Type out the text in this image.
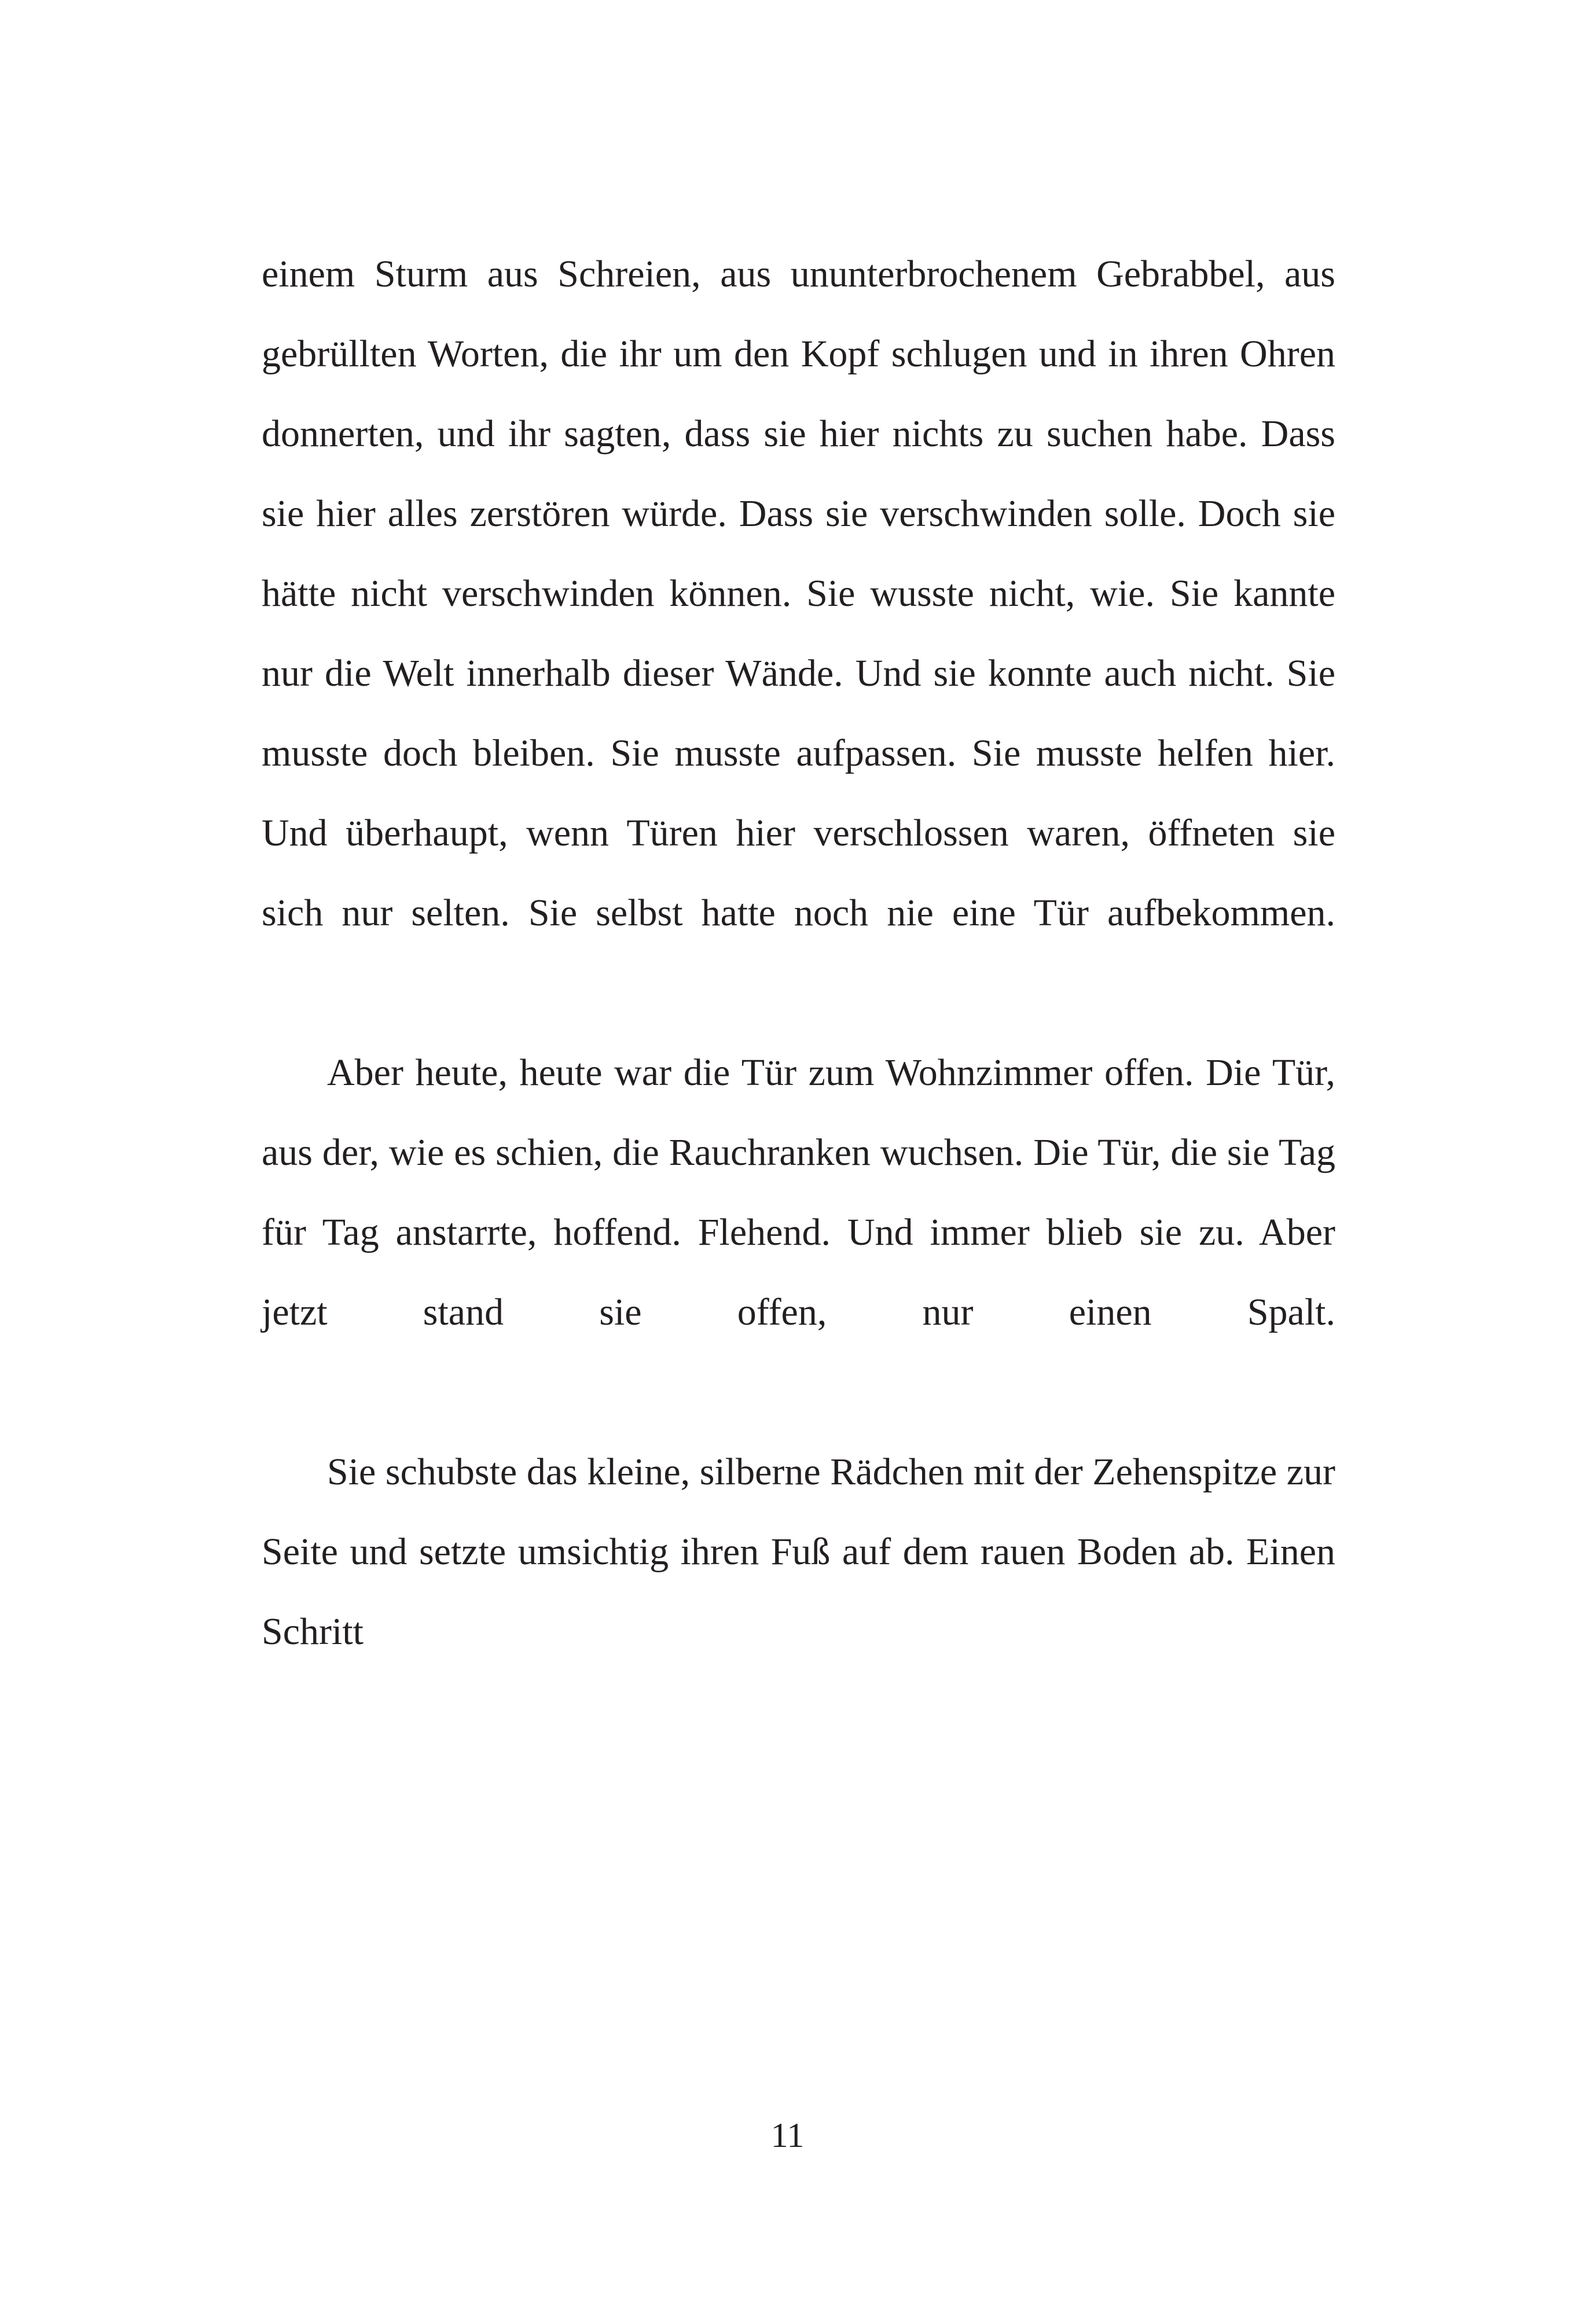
einem Sturm aus Schreien, aus ununterbrochenem Gebrabbel, aus gebrüllten Worten, die ihr um den Kopf schlugen und in ihren Ohren donnerten, und ihr sagten, dass sie hier nichts zu suchen habe. Dass sie hier alles zerstören würde. Dass sie verschwinden solle. Doch sie hätte nicht verschwinden können. Sie wusste nicht, wie. Sie kannte nur die Welt innerhalb dieser Wände. Und sie konnte auch nicht. Sie musste doch bleiben. Sie musste aufpassen. Sie musste helfen hier. Und überhaupt, wenn Türen hier verschlossen waren, öffneten sie sich nur selten. Sie selbst hatte noch nie eine Tür aufbekommen.

Aber heute, heute war die Tür zum Wohnzimmer offen. Die Tür, aus der, wie es schien, die Rauchranken wuchsen. Die Tür, die sie Tag für Tag anstarrte, hoffend. Flehend. Und immer blieb sie zu. Aber jetzt stand sie offen, nur einen Spalt.

Sie schubste das kleine, silberne Rädchen mit der Zehenspitze zur Seite und setzte umsichtig ihren Fuß auf dem rauen Boden ab. Einen Schritt

11
